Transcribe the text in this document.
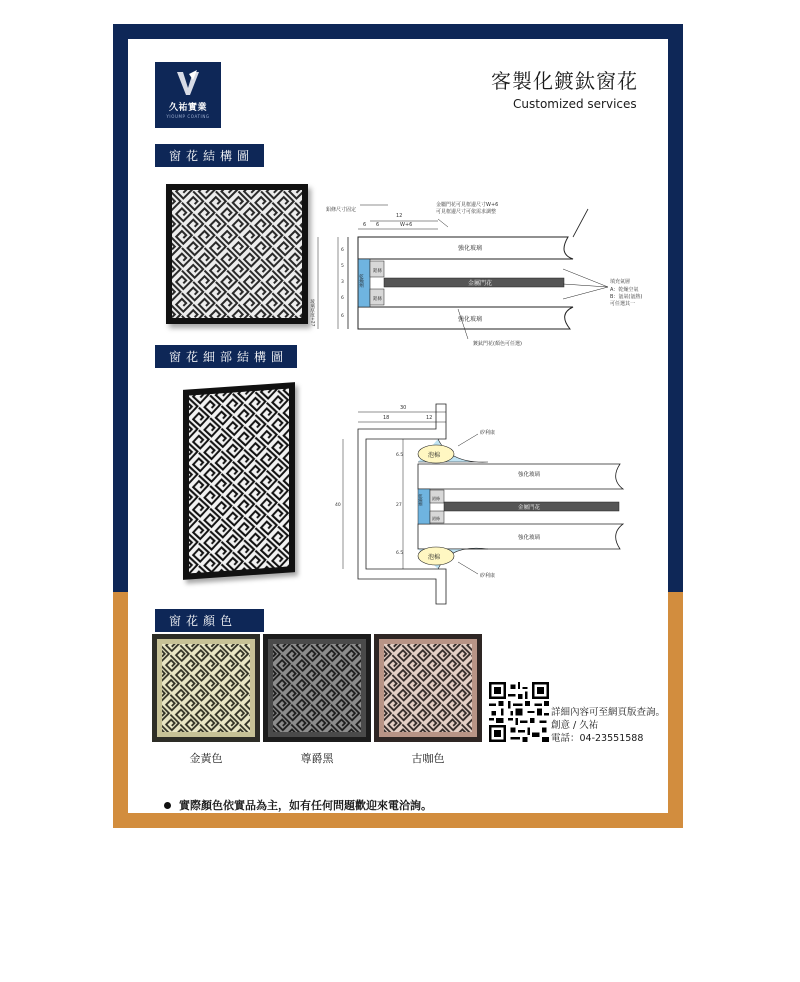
久祐實業
YIOUMP COATING
客製化鍍鈦窗花
Customized services
窗花結構圖
鋁條尺寸固定
12
6 6	W+6
金屬門花可見框邊尺寸W+6
可見框邊尺寸可依需求調整
強化玻璃
強化玻璃
金屬門花
鋁條
鋁條
乾燥劑	填充氣層
A：乾燥空氣
B：氬氣(氬熱)
可任選其一
鍍鈦門花(顏色可任選)
玻璃厚度+27
6
5
3
6
6
窗花細部結構圖
30
18	12
矽利康
矽利康
泡棉
泡棉
強化玻璃
強化玻璃
金屬門花
鋁條
鋁條
乾燥劑
6.5
27
6.5
40
窗花顏色
金黃色	尊爵黑	古咖色
詳細內容可至網頁版查詢。
創意 / 久祐
電話：04-23551588
實際顏色依實品為主，如有任何問題歡迎來電洽詢。
